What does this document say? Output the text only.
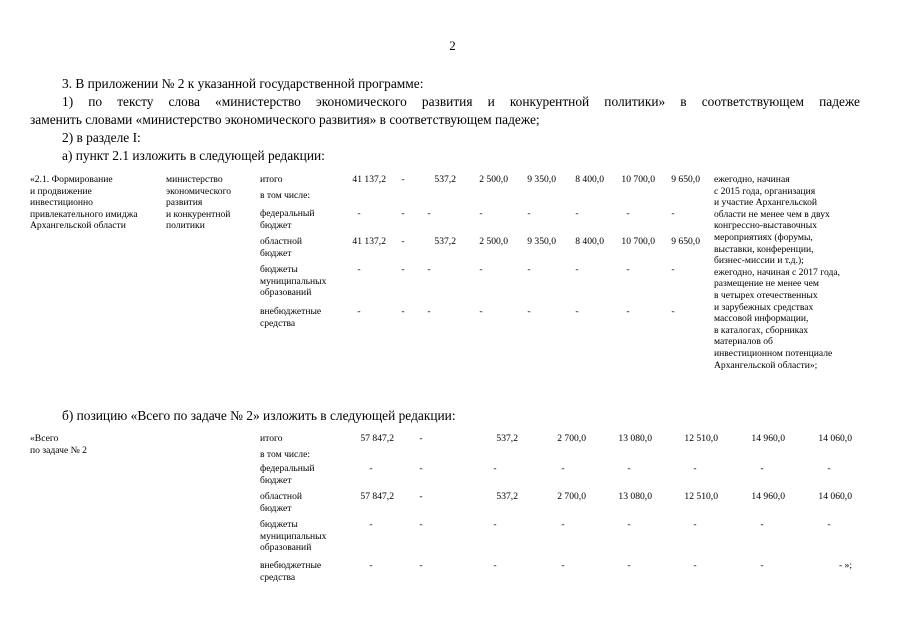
2
3. В приложении № 2 к указанной государственной программе:
1) по тексту слова «министерство экономического развития и конкурентной политики» в соответствующем падеже
заменить словами «министерство экономического развития» в соответствующем падеже;
2) в разделе I:
а) пункт 2.1 изложить в следующей редакции:
«2.1. Формирование
и продвижение
инвестиционно
привлекательного имиджа
Архангельской области
министерство
экономического
развития
и конкурентной
политики
итого	41 137,2	-	537,2	2 500,0	9 350,0	8 400,0	10 700,0	9 650,0
в том числе:
федеральный
бюджет
-	-	-	-	-	-	-	-
областной
бюджет
41 137,2	-	537,2	2 500,0	9 350,0	8 400,0	10 700,0	9 650,0
бюджеты
муниципальных
образований
-	-	-	-	-	-	-	-
внебюджетные
средства
-	-	-	-	-	-	-	-
ежегодно, начиная
с 2015 года, организация
и участие Архангельской
области не менее чем в двух
конгрессно-выставочных
мероприятиях (форумы,
выставки, конференции,
бизнес-миссии и т.д.);
ежегодно, начиная с 2017 года,
размещение не менее чем
в четырех отечественных
и зарубежных средствах
массовой информации,
в каталогах, сборниках
материалов об
инвестиционном потенциале
Архангельской области»;
б) позицию «Всего по задаче № 2» изложить в следующей редакции:
«Всего
по задаче № 2
итого	57 847,2	-	537,2	2 700,0	13 080,0	12 510,0	14 960,0	14 060,0
в том числе:
федеральный
бюджет
-	-	-	-	-	-	-	-
областной
бюджет
57 847,2	-	537,2	2 700,0	13 080,0	12 510,0	14 960,0	14 060,0
бюджеты
муниципальных
образований
-	-	-	-	-	-	-	-
внебюджетные
средства
-	-	-	-	-	-	-	- »;
